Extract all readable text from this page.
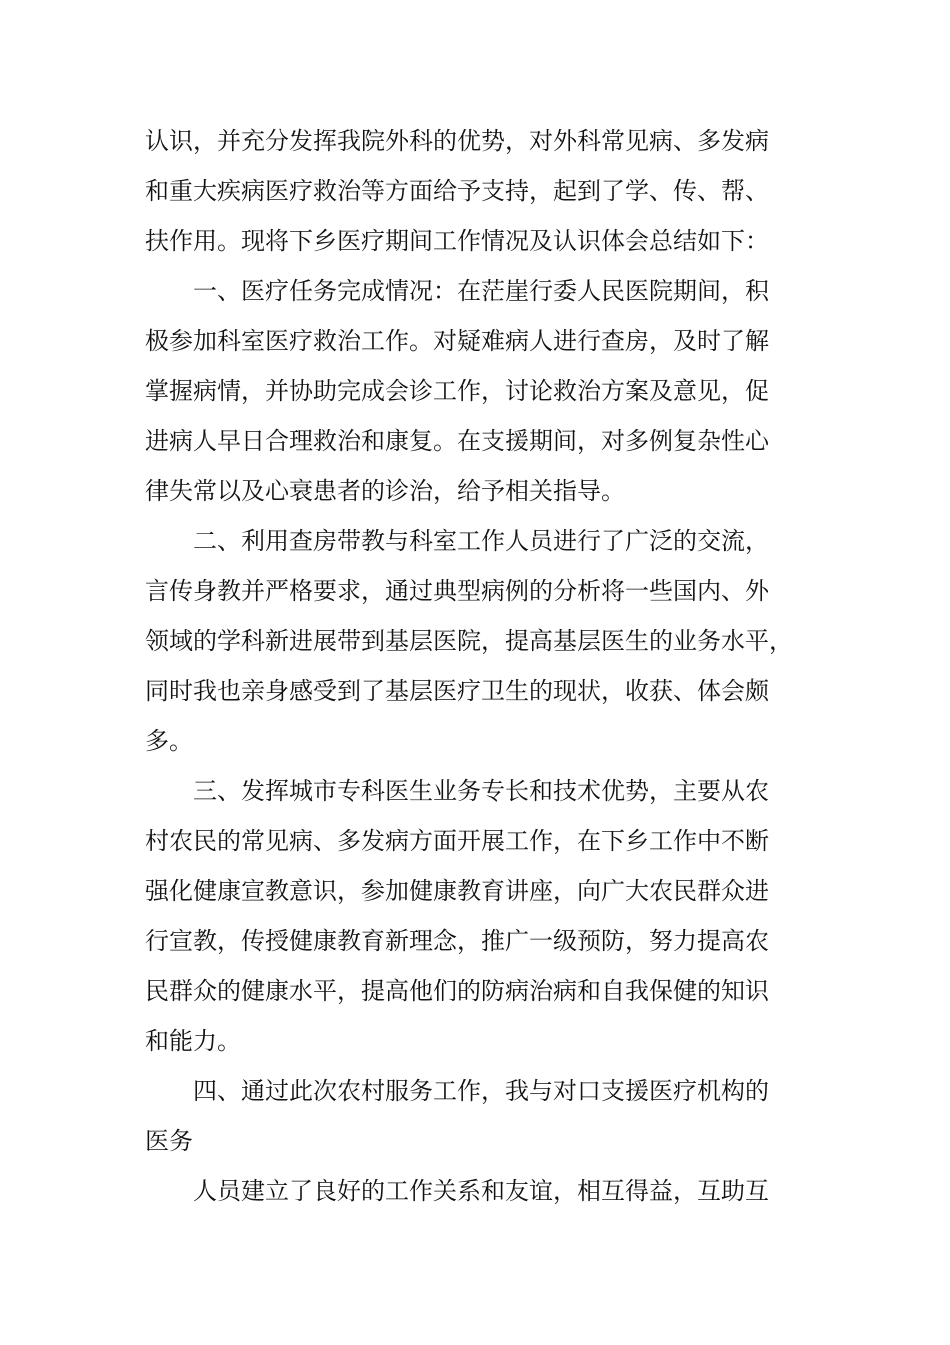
认识，并充分发挥我院外科的优势，对外科常见病、多发病
和重大疾病医疗救治等方面给予支持，起到了学、传、帮、
扶作用。现将下乡医疗期间工作情况及认识体会总结如下：
一、医疗任务完成情况：在茫崖行委人民医院期间，积
极参加科室医疗救治工作。对疑难病人进行查房，及时了解
掌握病情，并协助完成会诊工作，讨论救治方案及意见，促
进病人早日合理救治和康复。在支援期间，对多例复杂性心
律失常以及心衰患者的诊治，给予相关指导。
二、利用查房带教与科室工作人员进行了广泛的交流，
言传身教并严格要求，通过典型病例的分析将一些国内、外
领域的学科新进展带到基层医院，提高基层医生的业务水平，
同时我也亲身感受到了基层医疗卫生的现状，收获、体会颇
多。
三、发挥城市专科医生业务专长和技术优势，主要从农
村农民的常见病、多发病方面开展工作，在下乡工作中不断
强化健康宣教意识，参加健康教育讲座，向广大农民群众进
行宣教，传授健康教育新理念，推广一级预防，努力提高农
民群众的健康水平，提高他们的防病治病和自我保健的知识
和能力。
四、通过此次农村服务工作，我与对口支援医疗机构的
医务
人员建立了良好的工作关系和友谊，相互得益，互助互
